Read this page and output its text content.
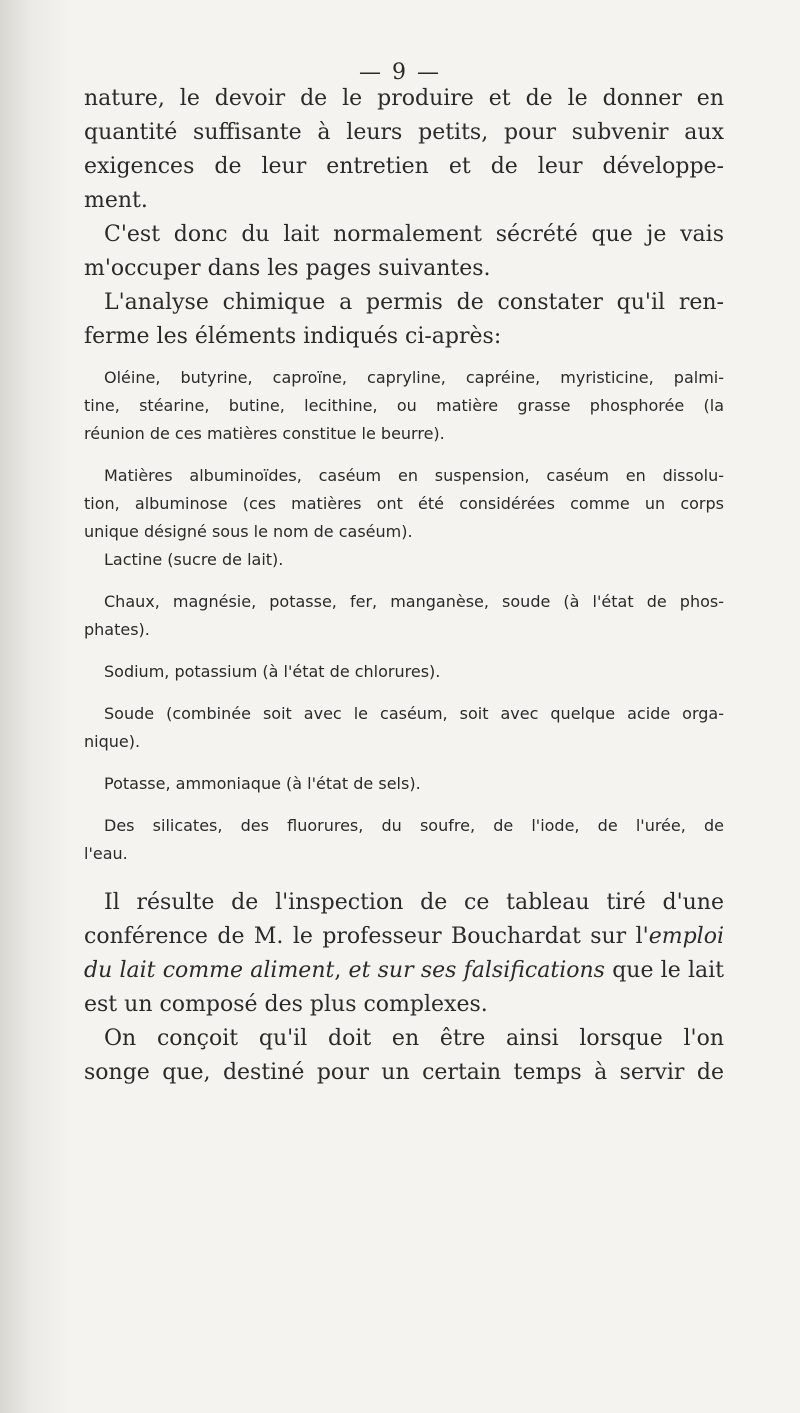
— 9 —
nature, le devoir de le produire et de le donner en
quantité suffisante à leurs petits, pour subvenir aux
exigences de leur entretien et de leur développe-
ment.
C'est donc du lait normalement sécrété que je vais
m'occuper dans les pages suivantes.
L'analyse chimique a permis de constater qu'il ren-
ferme les éléments indiqués ci-après:
Oléine, butyrine, caproïne, capryline, capréine, myristicine, palmi-
tine, stéarine, butine, lecithine, ou matière grasse phosphorée (la
réunion de ces matières constitue le beurre).
Matières albuminoïdes, caséum en suspension, caséum en dissolu-
tion, albuminose (ces matières ont été considérées comme un corps
unique désigné sous le nom de caséum).
Lactine (sucre de lait).
Chaux, magnésie, potasse, fer, manganèse, soude (à l'état de phos-
phates).
Sodium, potassium (à l'état de chlorures).
Soude (combinée soit avec le caséum, soit avec quelque acide orga-
nique).
Potasse, ammoniaque (à l'état de sels).
Des silicates, des fluorures, du soufre, de l'iode, de l'urée, de
l'eau.
Il résulte de l'inspection de ce tableau tiré d'une
conférence de M. le professeur Bouchardat sur l'emploi
du lait comme aliment, et sur ses falsifications que le lait
est un composé des plus complexes.
On conçoit qu'il doit en être ainsi lorsque l'on
songe que, destiné pour un certain temps à servir de
